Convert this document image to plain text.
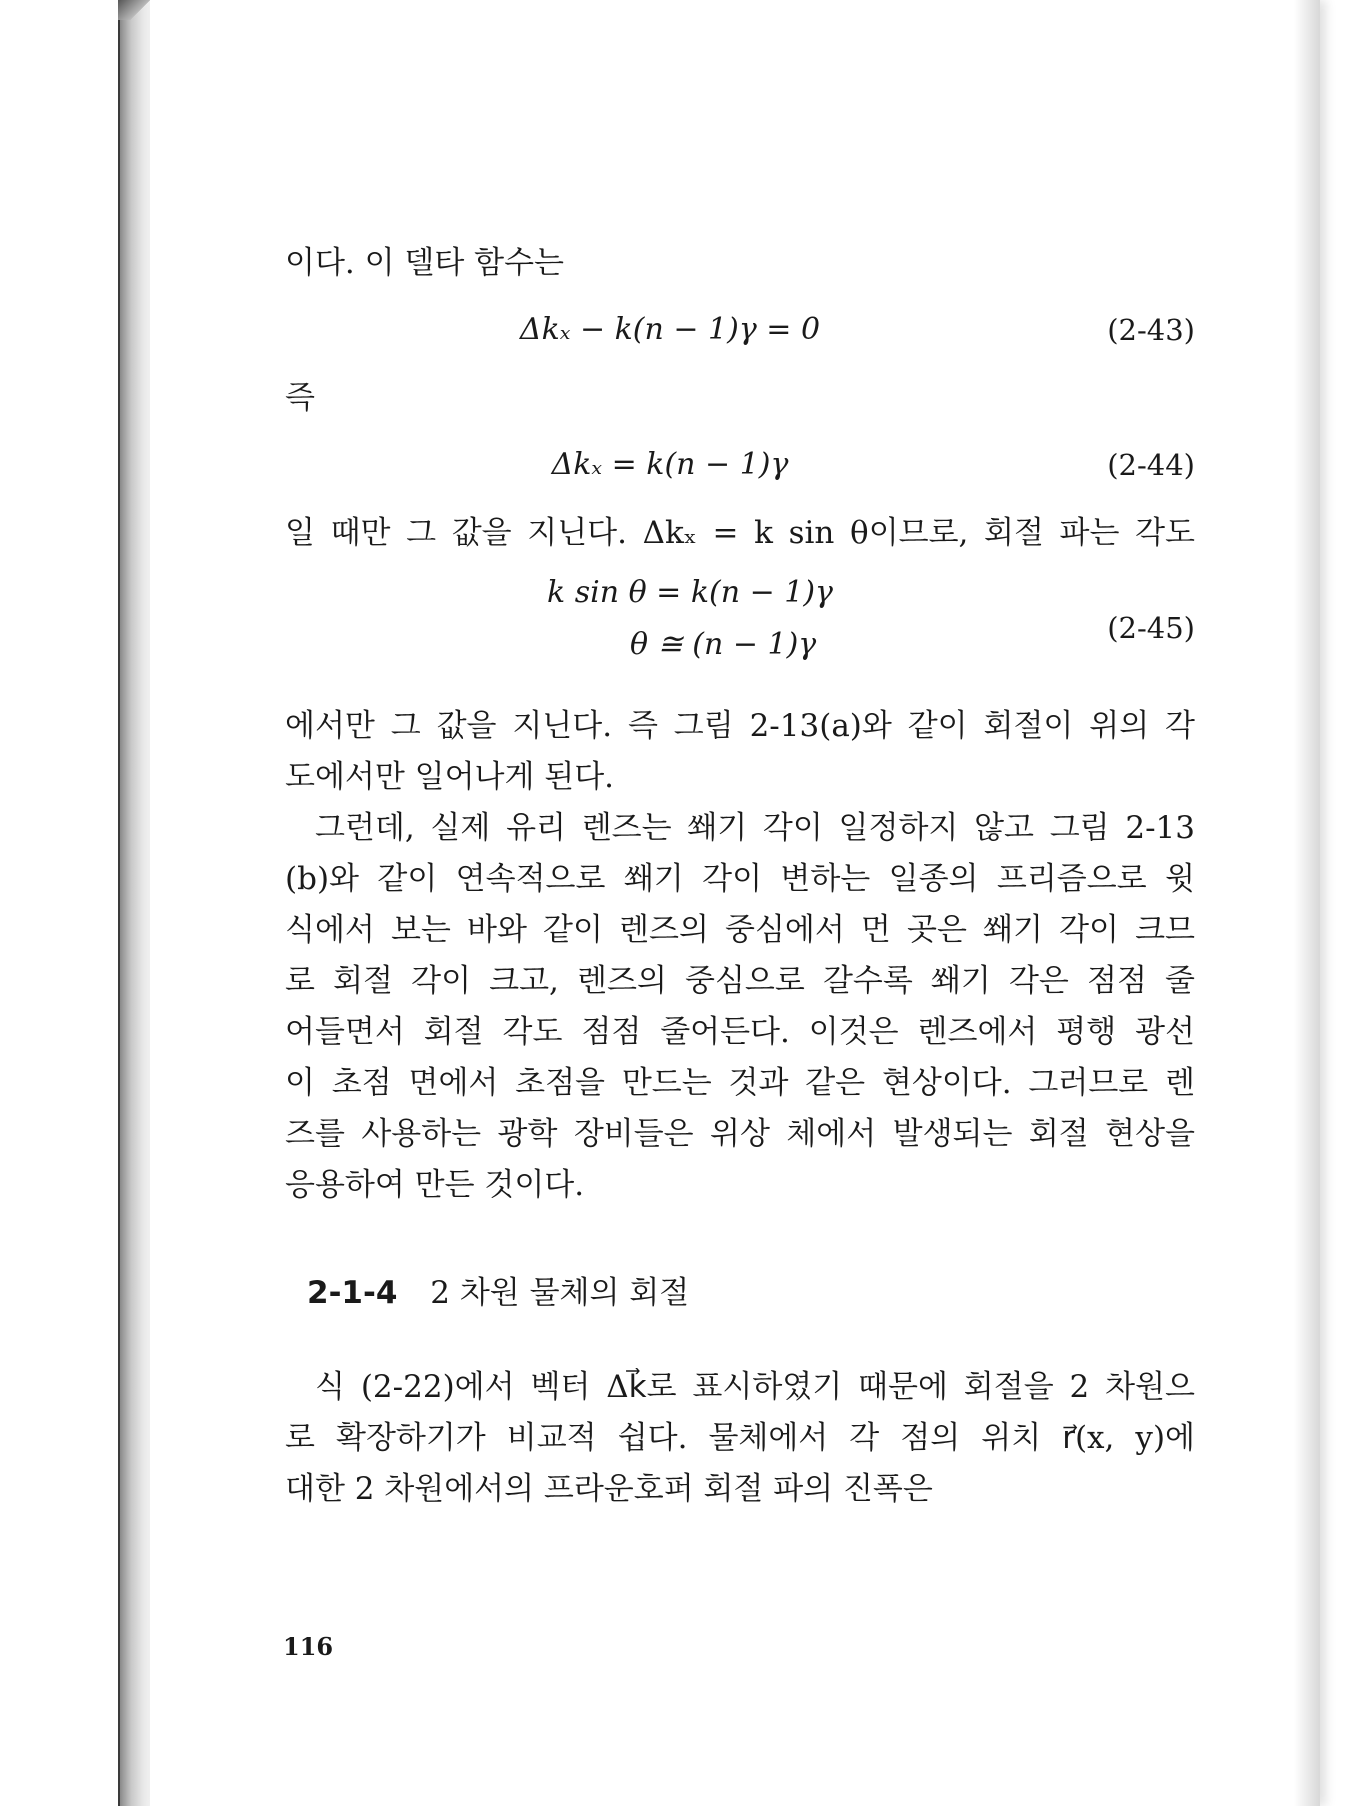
이다. 이 델타 함수는

Δkₓ − k(n − 1)γ = 0	(2-43)

즉

Δkₓ = k(n − 1)γ	(2-44)

일 때만 그 값을 지닌다. Δkₓ = k sin θ이므로, 회절 파는 각도

k sin θ = k(n − 1)γ
θ ≅ (n − 1)γ	(2-45)

에서만 그 값을 지닌다. 즉 그림 2-13(a)와 같이 회절이 위의 각

도에서만 일어나게 된다.

그런데, 실제 유리 렌즈는 쐐기 각이 일정하지 않고 그림 2-13

(b)와 같이 연속적으로 쐐기 각이 변하는 일종의 프리즘으로 윗

식에서 보는 바와 같이 렌즈의 중심에서 먼 곳은 쐐기 각이 크므

로 회절 각이 크고, 렌즈의 중심으로 갈수록 쐐기 각은 점점 줄

어들면서 회절 각도 점점 줄어든다. 이것은 렌즈에서 평행 광선

이 초점 면에서 초점을 만드는 것과 같은 현상이다. 그러므로 렌

즈를 사용하는 광학 장비들은 위상 체에서 발생되는 회절 현상을

응용하여 만든 것이다.

2-1-4 2 차원 물체의 회절

식 (2-22)에서 벡터 Δk⃗로 표시하였기 때문에 회절을 2 차원으

로 확장하기가 비교적 쉽다. 물체에서 각 점의 위치 r⃗(x, y)에

대한 2 차원에서의 프라운호퍼 회절 파의 진폭은

116
